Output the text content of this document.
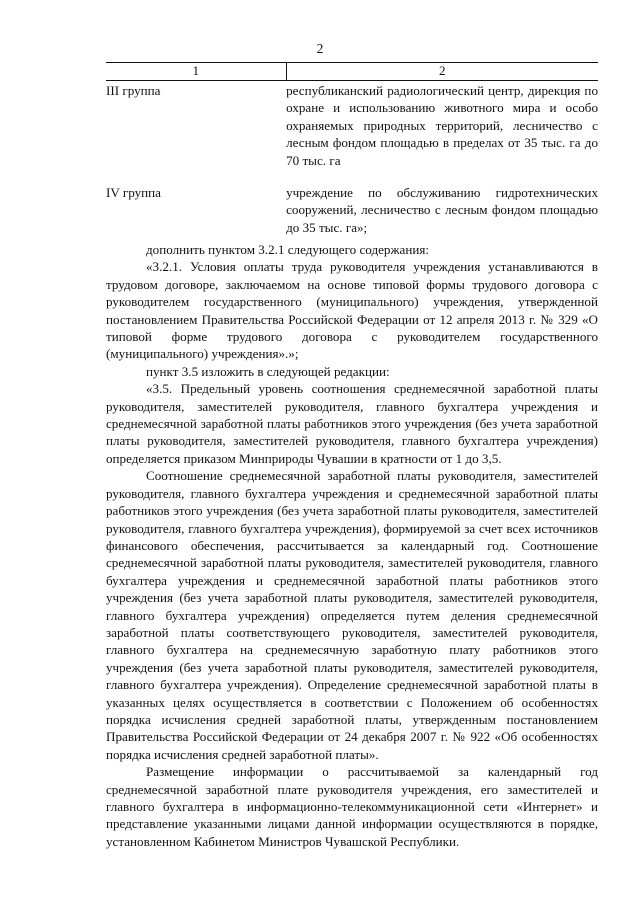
2
1	2
III группа	республиканский радиологический центр, дирекция по охране и использованию животного мира и особо охраняемых природных территорий, лесничество с лесным фондом площадью в пределах от 35 тыс. га до 70 тыс. га
IV группа	учреждение по обслуживанию гидротехнических сооружений, лесничество с лесным фондом площадью до 35 тыс. га»;

дополнить пунктом 3.2.1 следующего содержания:

«3.2.1. Условия оплаты труда руководителя учреждения устанавливаются в трудовом договоре, заключаемом на основе типовой формы трудового договора с руководителем государственного (муниципального) учреждения, утвержденной постановлением Правительства Российской Федерации от 12 апреля 2013 г. № 329 «О типовой форме трудового договора с руководителем государственного (муниципального) учреждения».»;

пункт 3.5 изложить в следующей редакции:

«3.5. Предельный уровень соотношения среднемесячной заработной платы руководителя, заместителей руководителя, главного бухгалтера учреждения и среднемесячной заработной платы работников этого учреждения (без учета заработной платы руководителя, заместителей руководителя, главного бухгалтера учреждения) определяется приказом Минприроды Чувашии в кратности от 1 до 3,5.

Соотношение среднемесячной заработной платы руководителя, заместителей руководителя, главного бухгалтера учреждения и среднемесячной заработной платы работников этого учреждения (без учета заработной платы руководителя, заместителей руководителя, главного бухгалтера учреждения), формируемой за счет всех источников финансового обеспечения, рассчитывается за календарный год. Соотношение среднемесячной заработной платы руководителя, заместителей руководителя, главного бухгалтера учреждения и среднемесячной заработной платы работников этого учреждения (без учета заработной платы руководителя, заместителей руководителя, главного бухгалтера учреждения) определяется путем деления среднемесячной заработной платы соответствующего руководителя, заместителей руководителя, главного бухгалтера на среднемесячную заработную плату работников этого учреждения (без учета заработной платы руководителя, заместителей руководителя, главного бухгалтера учреждения). Определение среднемесячной заработной платы в указанных целях осуществляется в соответствии с Положением об особенностях порядка исчисления средней заработной платы, утвержденным постановлением Правительства Российской Федерации от 24 декабря 2007 г. № 922 «Об особенностях порядка исчисления средней заработной платы».

Размещение информации о рассчитываемой за календарный год среднемесячной заработной плате руководителя учреждения, его заместителей и главного бухгалтера в информационно-телекоммуникационной сети «Интернет» и представление указанными лицами данной информации осуществляются в порядке, установленном Кабинетом Министров Чувашской Республики.
